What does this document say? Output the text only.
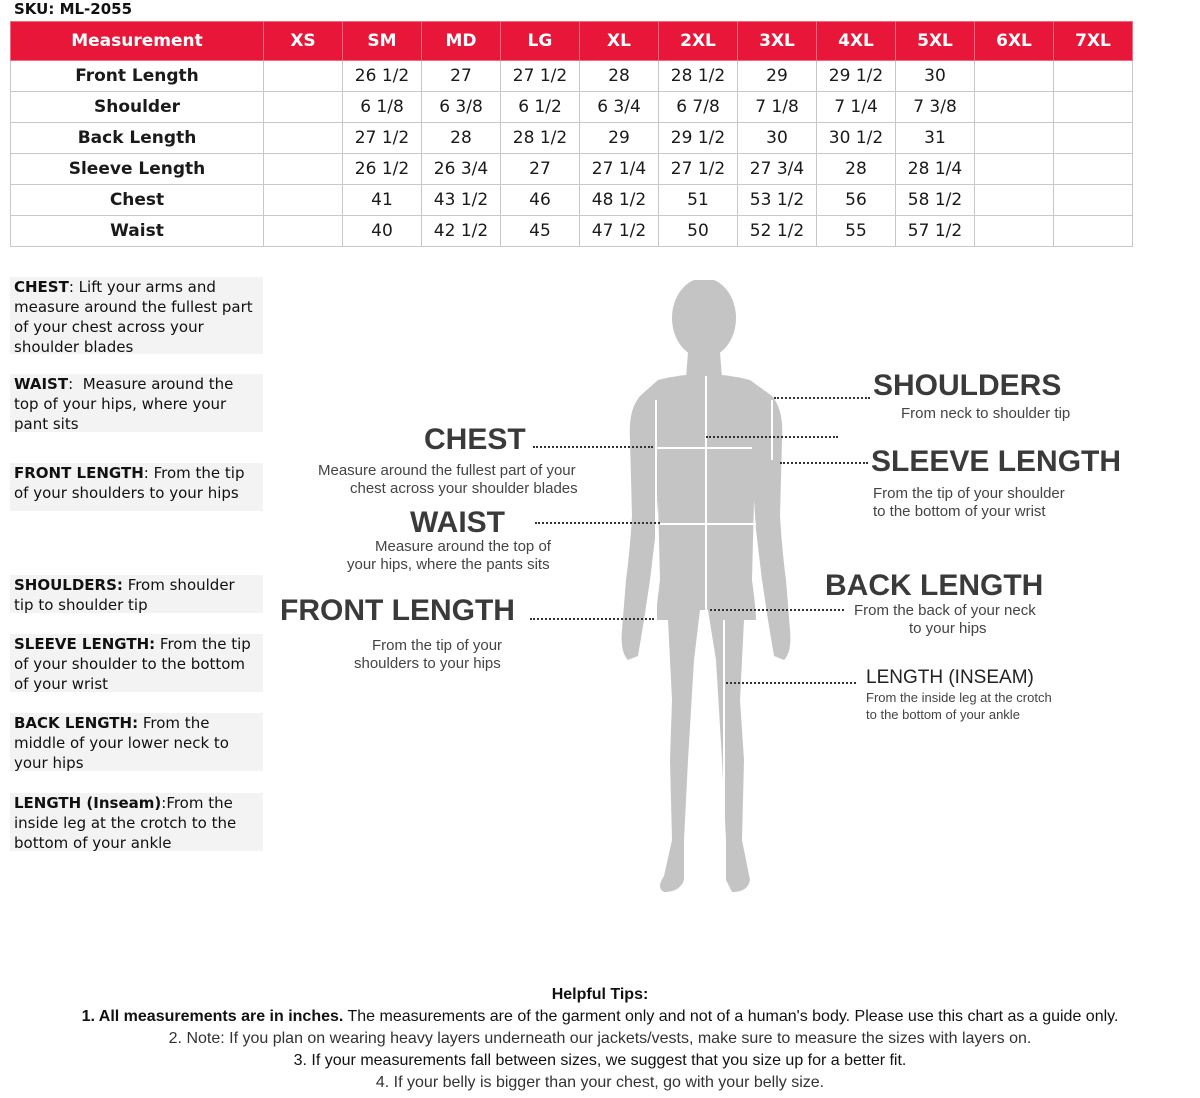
SKU: ML-2055
Measurement	XS	SM	MD	LG	XL	2XL	3XL	4XL	5XL	6XL	7XL
Front Length		26 1/2	27	27 1/2	28	28 1/2	29	29 1/2	30		
Shoulder		6 1/8	6 3/8	6 1/2	6 3/4	6 7/8	7 1/8	7 1/4	7 3/8		
Back Length		27 1/2	28	28 1/2	29	29 1/2	30	30 1/2	31		
Sleeve Length		26 1/2	26 3/4	27	27 1/4	27 1/2	27 3/4	28	28 1/4		
Chest		41	43 1/2	46	48 1/2	51	53 1/2	56	58 1/2		
Waist		40	42 1/2	45	47 1/2	50	52 1/2	55	57 1/2		
CHEST: Lift your arms and measure around the fullest part of your chest across your shoulder blades
WAIST:  Measure around the top of your hips, where your pant sits
FRONT LENGTH: From the tip of your shoulders to your hips
SHOULDERS: From shoulder tip to shoulder tip
SLEEVE LENGTH: From the tip of your shoulder to the bottom of your wrist
BACK LENGTH: From the middle of your lower neck to your hips
LENGTH (Inseam):From the inside leg at the crotch to the bottom of your ankle
CHEST
Measure around the fullest part of your
chest across your shoulder blades
WAIST
Measure around the top of
your hips, where the pants sits
FRONT LENGTH
From the tip of your
shoulders to your hips
SHOULDERS
From neck to shoulder tip
SLEEVE LENGTH
From the tip of your shoulder
to the bottom of your wrist
BACK LENGTH
From the back of your neck
to your hips
LENGTH (INSEAM)
From the inside leg at the crotch
to the bottom of your ankle
Helpful Tips:
1. All measurements are in inches. The measurements are of the garment only and not of a human's body. Please use this chart as a guide only.
2. Note: If you plan on wearing heavy layers underneath our jackets/vests, make sure to measure the sizes with layers on.
3. If your measurements fall between sizes, we suggest that you size up for a better fit.
4. If your belly is bigger than your chest, go with your belly size.
